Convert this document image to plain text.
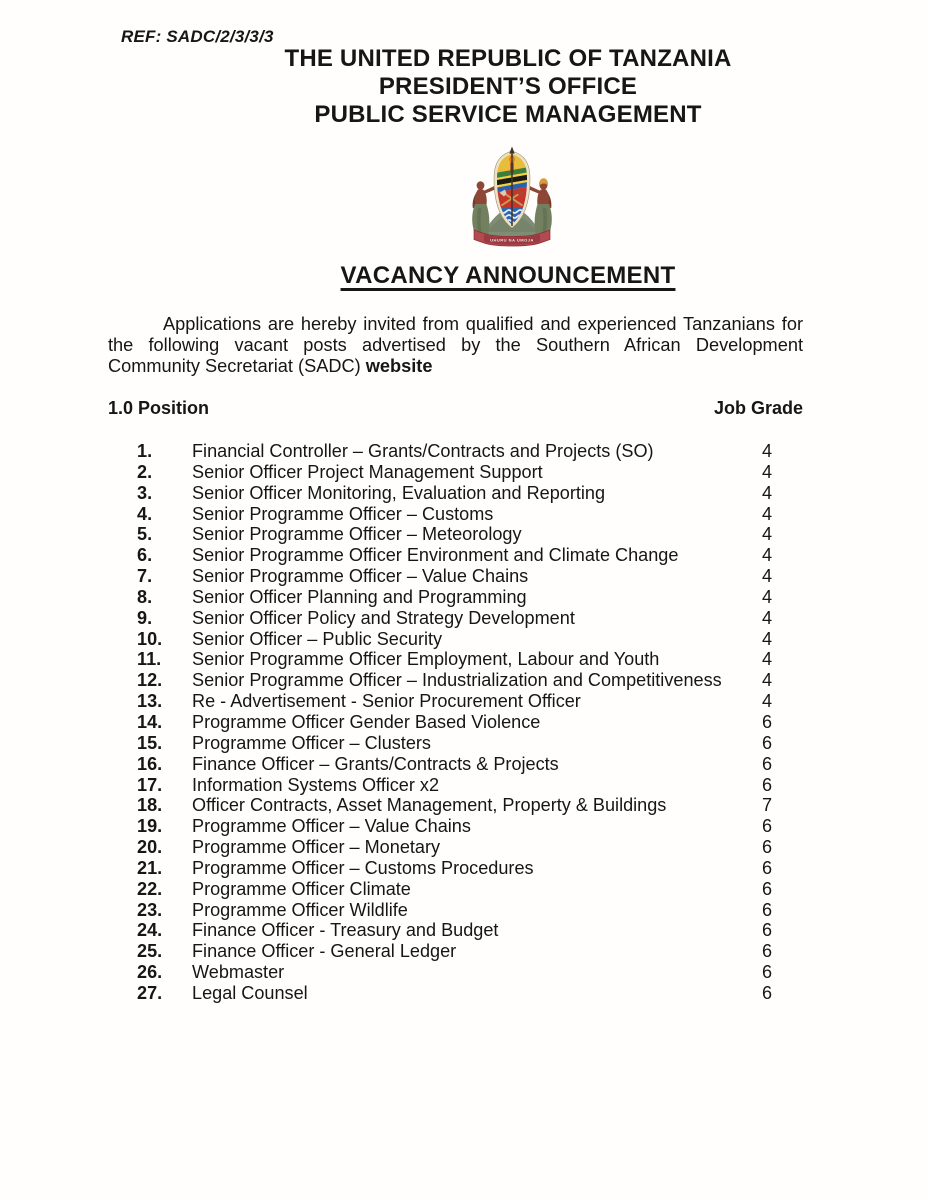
REF: SADC/2/3/3/3
THE UNITED REPUBLIC OF TANZANIA
PRESIDENT’S OFFICE
PUBLIC SERVICE MANAGEMENT
UHURU NA UMOJA
VACANCY ANNOUNCEMENT

Applications are hereby invited from qualified and experienced Tanzanians for the following vacant posts advertised by the Southern African Development Community Secretariat (SADC) website

1.0 Position	Job Grade
1.	Financial Controller – Grants/Contracts and Projects (SO)	4
2.	Senior Officer Project Management Support	4
3.	Senior Officer Monitoring, Evaluation and Reporting	4
4.	Senior Programme Officer – Customs	4
5.	Senior Programme Officer – Meteorology	4
6.	Senior Programme Officer Environment and Climate Change	4
7.	Senior Programme Officer – Value Chains	4
8.	Senior Officer Planning and Programming	4
9.	Senior Officer Policy and Strategy Development	4
10.	Senior Officer – Public Security	4
11.	Senior Programme Officer Employment, Labour and Youth	4
12.	Senior Programme Officer – Industrialization and Competitiveness	4
13.	Re - Advertisement - Senior Procurement Officer	4
14.	Programme Officer Gender Based Violence	6
15.	Programme Officer – Clusters	6
16.	Finance Officer – Grants/Contracts & Projects	6
17.	Information Systems Officer x2	6
18.	Officer Contracts, Asset Management, Property & Buildings	7
19.	Programme Officer – Value Chains	6
20.	Programme Officer – Monetary	6
21.	Programme Officer – Customs Procedures	6
22.	Programme Officer Climate	6
23.	Programme Officer Wildlife	6
24.	Finance Officer - Treasury and Budget	6
25.	Finance Officer - General Ledger	6
26.	Webmaster	6
27.	Legal Counsel	6
